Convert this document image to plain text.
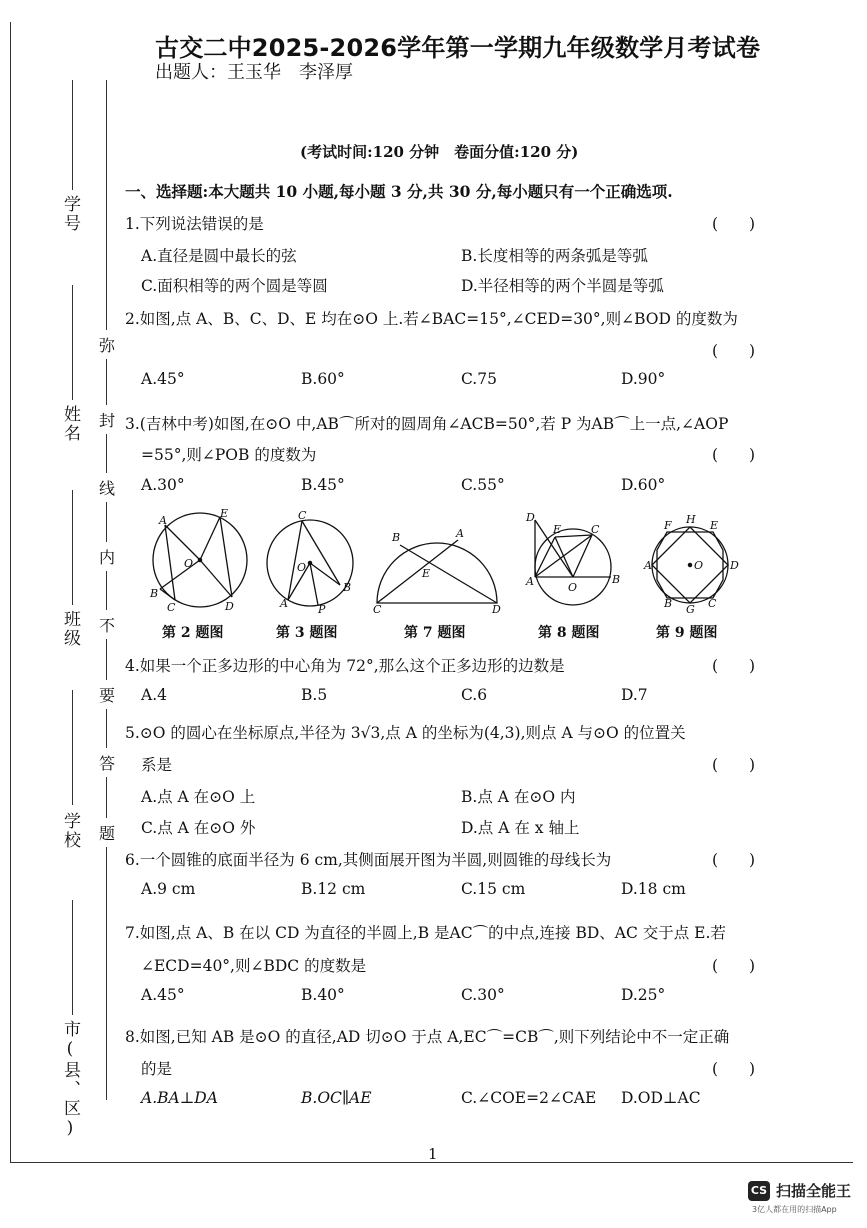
古交二中2025-2026学年第一学期九年级数学月考试卷
出题人：王玉华　李泽厚
学号
姓名
班级
学校
市(县、区)
弥
封
线
内
不
要
答
题
(考试时间:120 分钟　卷面分值:120 分)
一、选择题:本大题共 10 小题,每小题 3 分,共 30 分,每小题只有一个正确选项.
1.下列说法错误的是	(　　)
A.直径是圆中最长的弦	B.长度相等的两条弧是等弧
C.面积相等的两个圆是等圆	D.半径相等的两个半圆是等弧
2.如图,点 A、B、C、D、E 均在⊙O 上.若∠BAC=15°,∠CED=30°,则∠BOD 的度数为
(　　)
A.45°	B.60°	C.75	D.90°
3.(吉林中考)如图,在⊙O 中,AB⌒所对的圆周角∠ACB=50°,若 P 为AB⌒上一点,∠AOP
=55°,则∠POB 的度数为	(　　)
A.30°	B.45°	C.55°	D.60°
A
E
O
B
C	D
C
O
A	P
B
B	A
E
C	D
D
E	C
A	O
B
F H E
A	O D
B G C
第 2 题图	第 3 题图	第 7 题图	第 8 题图	第 9 题图
4.如果一个正多边形的中心角为 72°,那么这个正多边形的边数是	(　　)
A.4	B.5	C.6	D.7
5.⊙O 的圆心在坐标原点,半径为 3√3,点 A 的坐标为(4,3),则点 A 与⊙O 的位置关
系是	(　　)
A.点 A 在⊙O 上	B.点 A 在⊙O 内
C.点 A 在⊙O 外	D.点 A 在 x 轴上
6.一个圆锥的底面半径为 6 cm,其侧面展开图为半圆,则圆锥的母线长为	(　　)
A.9 cm	B.12 cm	C.15 cm	D.18 cm
7.如图,点 A、B 在以 CD 为直径的半圆上,B 是AC⌒的中点,连接 BD、AC 交于点 E.若
∠ECD=40°,则∠BDC 的度数是	(　　)
A.45°	B.40°	C.30°	D.25°
8.如图,已知 AB 是⊙O 的直径,AD 切⊙O 于点 A,EC⌒=CB⌒,则下列结论中不一定正确
的是	(　　)
A.BA⊥DA	B.OC∥AE	C.∠COE=2∠CAE D.OD⊥AC
1
CS 扫描全能王
3亿人都在用的扫描App
